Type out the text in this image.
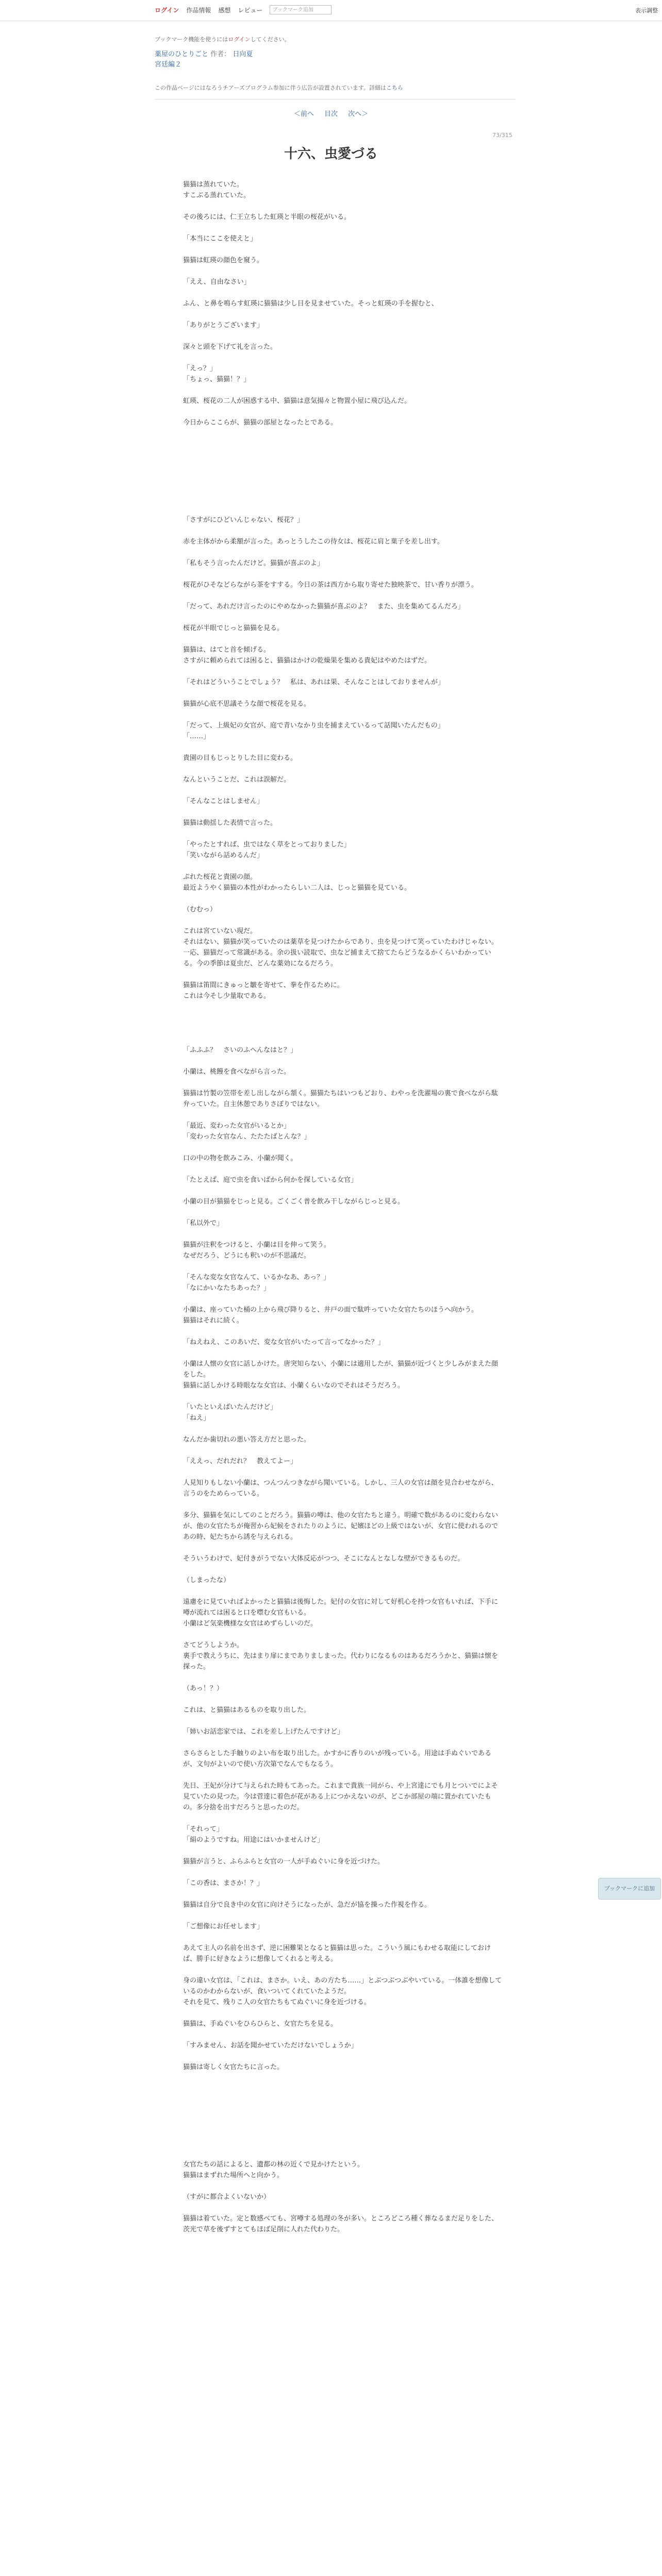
ログイン 作品情報 感想 レビュー	ブックマーク追加	表示調整
ブックマーク機能を使うにはログインしてください。
薬屋のひとりごと 作者： 日向夏
宮廷編２
この作品ページにはなろうチアーズプログラム参加に伴う広告が設置されています。詳細はこちら
＜前へ 目次 次へ＞
73/315
十六、虫愛づる

猫猫は蒸れていた。

すこぶる蒸れていた。

その後ろには、仁王立ちした虹瑛と半眼の桜花がいる。

「本当にここを使えと」

猫猫は虹瑛の顔色を窺う。

「ええ、自由なさい」

ふん、と鼻を鳴らす虹瑛に猫猫は少し目を見ませていた。そっと虹瑛の手を握むと、

「ありがとうございます」

深々と頭を下げて礼を言った。

「えっ？」

「ちょっ、猫猫！？」

虹瑛、桜花の二人が困惑する中、猫猫は意気揚々と物置小屋に飛び込んだ。

今日からここらが、猫猫の部屋となったとである。

「さすがにひどいんじゃない、桜花？」

赤を主体がから柔額が言った。あっとうしたこの待女は、桜花に肩と菓子を差し出す。

「私もそう言ったんだけど。猫猫が喜ぶのよ」

桜花がひそなどらながら茶をすする。今日の茶は西方から取り寄せた独映茶で、甘い香りが漂う。

「だって、あれだけ言ったのにやめなかった猫猫が喜ぶのよ？　また、虫を集めてるんだろ」

桜花が半眼でじっと猫猫を見る。

猫猫は、はてと首を傾げる。

さすがに頼められては困ると、猫猫はかけの乾燥果を集める貴妃はやめたはずだ。

「それはどういうことでしょう？　私は、あれは果、そんなことはしておりませんが」

猫猫が心底不思議そうな顔で桜花を見る。

「だって、上級妃の女官が、庭で青いなかり虫を捕まえているって話聞いたんだもの」

「……」

貴園の目もじっとりした目に変わる。

なんということだ、これは誤解だ。

「そんなことはしません」

猫猫は動揺した表情で言った。

「やったとすれば、虫ではなく草をとっておりました」

「笑いながら話めるんだ」

ぷれた桜花と貴園の顔。

最近ようやく猫猫の本性がわかったらしい二人は、じっと猫猫を見ている。

（むむっ）

これは宮ていない現だ。

それはない、猫猫が笑っていたのは薬草を見つけたからであり、虫を見つけて笑っていたわけじゃない。一応、猫猫だって常識がある。余の扱い読取で、虫など捕まえて捨てたらどうなるかくらいわかっている。今の季節は夏虫だ、どんな薬効になるだろう。

猫猫は笛間にきゅっと皺を寄せて、拳を作るために。

これは今そし少量取である。

「ふふふ？　さいのふへんなはと？」

小蘭は、桃饅を食べながら言った。

猫猫は竹製の笠帯を差し出しながら頷く。猫猫たちはいつもどおり、わやっを洗濯場の裏で食べながら駄弁っていた。自主休憩でありさぼりではない。

「最近、変わった女官がいるとか」

「変わった女官なん、たたたばとんな？」

口の中の物を飲みこみ、小蘭が聞く。

「たとえば、庭で虫を食いばから何かを探している女官」

小蘭の目が猫猫をじっと見る。ごくごく普を飲み干しながらじっと見る。

「私以外で」

猫猫が注釈をつけると、小蘭は目を伸って笑う。

なぜだろう、どうにも釈いのが不思議だ。

「そんな変な女官なんて、いるかなあ、あっ？」

「なにかいなたちあった？」

小蘭は、座っていた桶の上から飛び降りると、井戸の面で駄吽っていた女官たちのほうへ向かう。

猫猫はそれに続く。

「ねえねえ、このあいだ、変な女官がいたって言ってなかった？」

小蘭は人懐の女官に話しかけた。唐突知らない、小蘭には適用したが、猫猫が近づくと少しみがまえた顔をした。

猫猫に話しかける時眼なな女官は、小蘭くらいなのでそれはそうだろう。

「いたといえばいたんだけど」

「ねえ」

なんだか歯切れの悪い答え方だと思った。

「ええっ、だれだれ？　教えてよー」

人見知りもしない小蘭は、つんつんつきながら聞いている。しかし、三人の女官は顔を見合わせながら、言うのをためらっている。

多分、猫猫を気にしてのことだろう。猫猫の噂は、他の女官たちと違う。明確で数があるのに変わらないが、他の女官たちが俺習から妃候をされたりのように、妃嬪ほどの上級ではないが、女官に使われるのであの時、妃たちから誘を与えられる。

そういうわけで、妃付きがうでない大体反応がつつ、そこになんとなしな壁ができるものだ。

（しまったな）

遠慮をに見ていればよかったと猫猫は後悔した。妃付の女官に対して好机心を持つ女官もいれば、下手に噂が流れては困ると口を噤む女官もいる。

小蘭はど気楽機様な女官はめずらしいのだ。

さてどうしようか。

裏手で教えうちに、先はまり扉にまでありましまった。代わりになるものはあるだろうかと、猫猫は懐を探った。

（あっ！？）

これは、と猫猫はあるものを取り出した。

「姉いお話恋家では、これを差し上げたんですけど」

さらさらとした手触りのよい布を取り出した。かすかに香りのいが残っている。用途は手ぬぐいであるが、文句がよいので使い方次第でなんでもなるう。

先日、王妃が分けて与えられた時もてあった。これまで貴族一同がら、や上宮達にでも月とついでによそ見ていたの見つた。今は菅達に着色が花がある上につかえないのが、どこか部屋の端に置かれていたもの。多分捨を出すだろうと思ったのだ。

「それって」

「絹のようですね。用途にはいかませんけど」

猫猫が言うと、ふらふらと女官の一人が手ぬぐいに身を近づけた。

「この香は、まさか！？」

猫猫は自分で良き中の女官に向けそうになったが、急だが協を操った作視を作る。

「ご想像にお任せします」

あえて主人の名前を出さず、逆に困難果となると猫猫は思った。こういう風にもわせる取能にしておけば、勝手に好きなように想像してくれると考える。

身の違い女官は、「これは、まさか。いえ、あの方たち……」とぶつぶつぶやいている。一体誰を想像しているのかわからないが、食いついてくれていたようだ。

それを見て、残りこ人の女官たちもてぬぐいに身を近づける。

猫猫は、手ぬぐいをひらひらと、女官たちを見る。

「すみません、お話を聞かせていただけないでしょうか」

猫猫は寄しく女官たちに言った。

女官たちの話によると、遺都の林の近くで見かけたという。

猫猫はまずれた場所へと向かう。

（すがに都合よくいないか）

猫猫は着ていた。定と数感べても、宮噂する処理の冬が多い。ところどころ種く葬なるまだ足りをした、茨光で草を後ずすとてもほば足削に人れた代わりた。

ブックマークに追加
